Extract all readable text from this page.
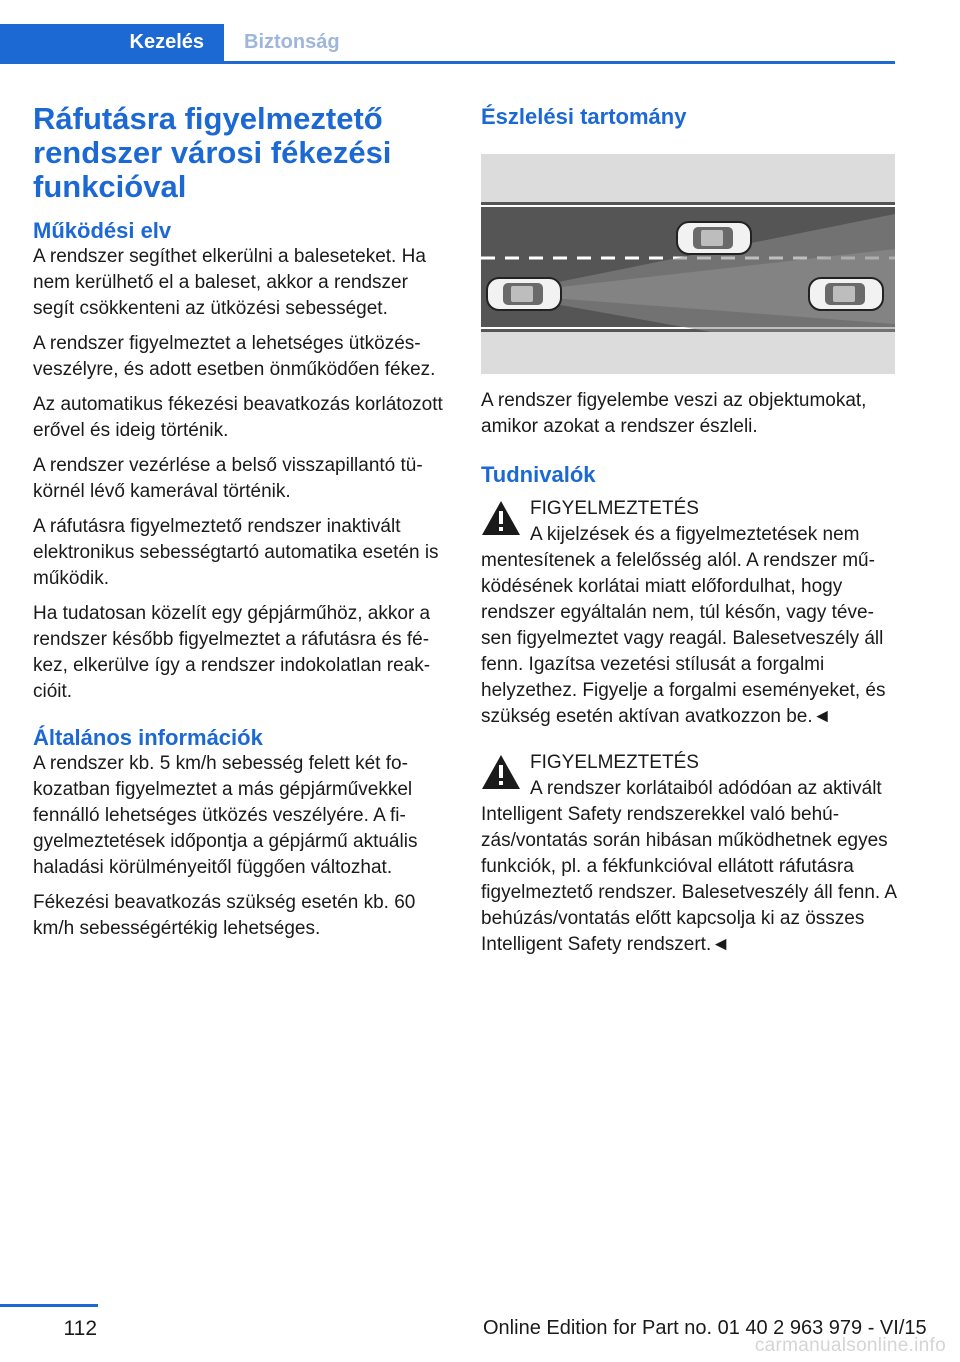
Kezelés	Biztonság
Ráfutásra figyelmeztető rendszer városi fékezési funkcióval
Működési elv

A rendszer segíthet elkerülni a baleseteket. Ha nem kerülhető el a baleset, akkor a rendszer segít csökkenteni az ütközési sebességet.

A rendszer figyelmeztet a lehetséges ütközésveszélyre, és adott esetben önműködően fékez.

Az automatikus fékezési beavatkozás korlátozott erővel és ideig történik.

A rendszer vezérlése a belső visszapillantó tükörnél lévő kamerával történik.

A ráfutásra figyelmeztető rendszer inaktivált elektronikus sebességtartó automatika esetén is működik.

Ha tudatosan közelít egy gépjárműhöz, akkor a rendszer később figyelmeztet a ráfutásra és fékez, elkerülve így a rendszer indokolatlan reakcióit.

Általános információk

A rendszer kb. 5 km/h sebesség felett két fokozatban figyelmeztet a más gépjárművekkel fennálló lehetséges ütközés veszélyére. A figyelmeztetések időpontja a gépjármű aktuális haladási körülményeitől függően változhat.

Fékezési beavatkozás szükség esetén kb. 60 km/h sebességértékig lehetséges.

Észlelési tartomány

A rendszer figyelembe veszi az objektumokat, amikor azokat a rendszer észleli.

Tudnivalók

FIGYELMEZTETÉS

A kijelzések és a figyelmeztetések nem mentesítenek a felelősség alól. A rendszer működésének korlátai miatt előfordulhat, hogy rendszer egyáltalán nem, túl későn, vagy tévesen figyelmeztet vagy reagál. Balesetveszély áll fenn. Igazítsa vezetési stílusát a forgalmi helyzethez. Figyelje a forgalmi eseményeket, és szükség esetén aktívan avatkozzon be.◄

FIGYELMEZTETÉS

A rendszer korlátaiból adódóan az aktivált Intelligent Safety rendszerekkel való behúzás/vontatás során hibásan működhetnek egyes funkciók, pl. a fékfunkcióval ellátott ráfutásra figyelmeztető rendszer. Balesetveszély áll fenn. A behúzás/vontatás előtt kapcsolja ki az összes Intelligent Safety rendszert.◄

112	Online Edition for Part no. 01 40 2 963 979 - VI/15
carmanualsonline.info
